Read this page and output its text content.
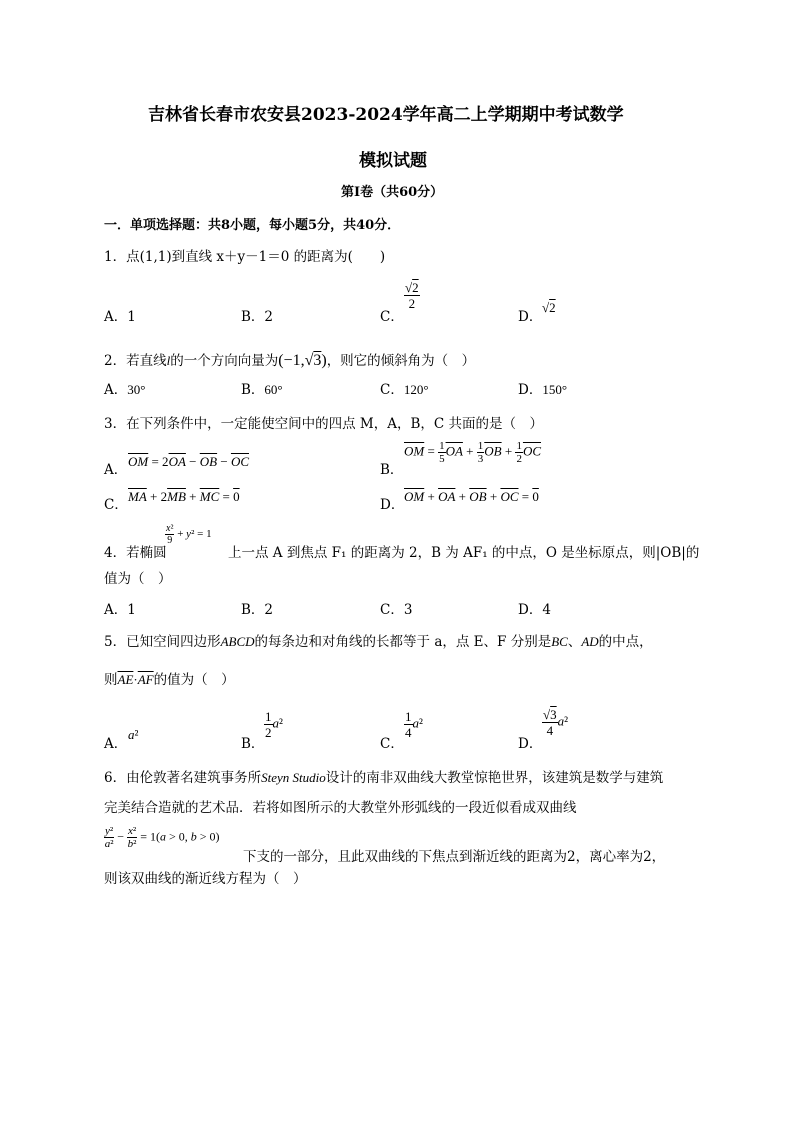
吉林省长春市农安县2023-2024学年高二上学期期中考试数学
模拟试题
第Ⅰ卷（共60分）
一．单项选择题：共8小题，每小题5分，共40分．
1．点(1,1)到直线 x＋y－1＝0 的距离为(　　)
A．1	B．2	C．
$\frac{√2}{2}$
D．
√2
2．若直线l的一个方向向量为(−1,√3)，则它的倾斜角为（　）
A．30°	B．60°	C．120°	D．150°
3．在下列条件中，一定能使空间中的四点 M，A，B，C 共面的是（　）
A．
$\overline{OM} = 2\overline{OA} - \overline{OB} - \overline{OC}$
B．
$\overline{OM} = \frac{1}{5} \overline{OA} + \frac{1}{3} \overline{OB} + \frac{1}{2} \overline{OC}$
C．
$\overline{MA} + 2\overline{MB} + \overline{MC} = 0$
D．
$\overline{OM} + \overline{OA} + \overline{OB} + \overline{OC} = 0$
4．若椭圆
$\frac{\text{x²}}{9} + y^2 = 1$
上一点 A 到焦点 F₁ 的距离为 2，B 为 AF₁ 的中点，O 是坐标原点，则|OB|的
值为（　）
A．1	B．2	C．3	D．4
5．已知空间四边形ABCD的每条边和对角线的长都等于 a，点 E、F 分别是BC、AD的中点，
则$\overline{AE}\cdot\overline{AF}$的值为（　）
A．
a²
B．
$\frac{1}{2} a^2$
C．
$\frac{1}{4} a^2$
D．
$\frac{√3}{4} a^2$
6．由伦敦著名建筑事务所Steyn Studio设计的南非双曲线大教堂惊艳世界，该建筑是数学与建筑
完美结合造就的艺术品．若将如图所示的大教堂外形弧线的一段近似看成双曲线
$\frac{\text{y²}}{\text{a²}} - \frac{\text{x²}}{\text{b²}} = 1(a > 0$, b > 0)
下支的一部分，且此双曲线的下焦点到渐近线的距离为2，离心率为2，
则该双曲线的渐近线方程为（　）
